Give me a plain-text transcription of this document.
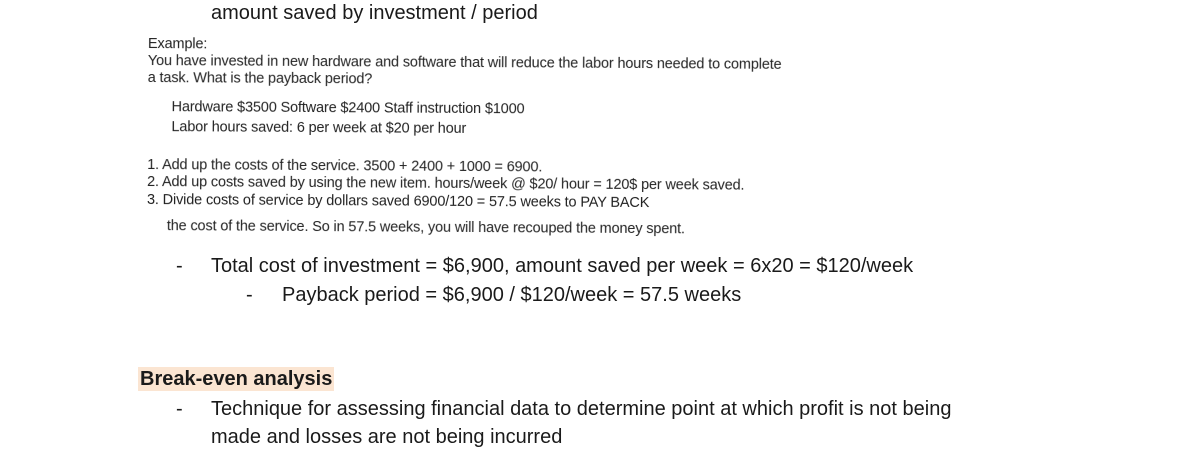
amount saved by investment / period

Example:

You have invested in new hardware and software that will reduce the labor hours needed to complete

a task. What is the payback period?

Hardware $3500 Software $2400 Staff instruction $1000

Labor hours saved: 6 per week at $20 per hour

1. Add up the costs of the service. 3500 + 2400 + 1000 = 6900.

2. Add up costs saved by using the new item. hours/week @ $20/ hour = 120$ per week saved.

3. Divide costs of service by dollars saved 6900/120 = 57.5 weeks to PAY BACK

the cost of the service. So in 57.5 weeks, you will have recouped the money spent.

- Total cost of investment = $6,900, amount saved per week = 6x20 = $120/week
- Payback period = $6,900 / $120/week = 57.5 weeks
Break-even analysis
- Technique for assessing financial data to determine point at which profit is not being
made and losses are not being incurred
